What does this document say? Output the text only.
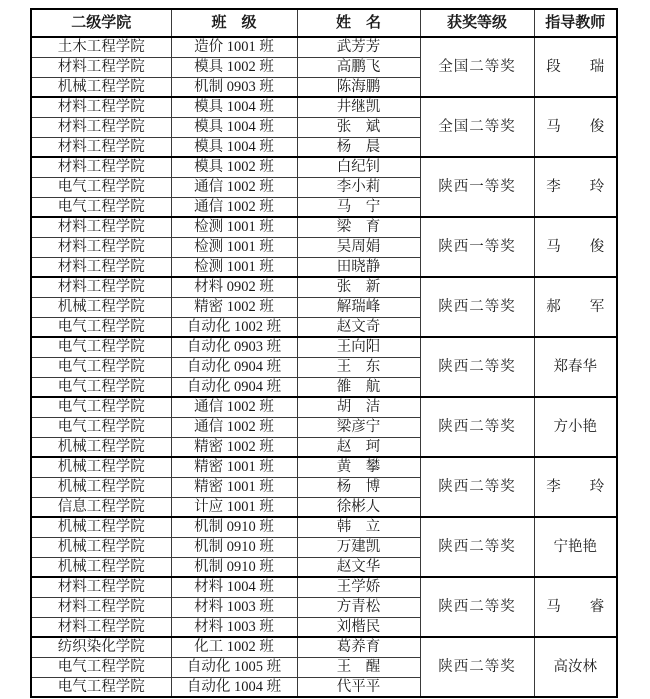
二级学院	班　级	姓　名	获奖等级	指导教师
土木工程学院	造价 1001 班	武芳芳	全国二等奖	段　　瑞
材料工程学院	模具 1002 班	高鹏飞		
机械工程学院	机制 0903 班	陈海鹏		
材料工程学院	模具 1004 班	井继凯	全国二等奖	马　　俊
材料工程学院	模具 1004 班	张　斌		
材料工程学院	模具 1004 班	杨　晨		
材料工程学院	模具 1002 班	白纪钊	陕西一等奖	李　　玲
电气工程学院	通信 1002 班	李小莉		
电气工程学院	通信 1002 班	马　宁		
材料工程学院	检测 1001 班	梁　育	陕西一等奖	马　　俊
材料工程学院	检测 1001 班	吴周娟		
材料工程学院	检测 1001 班	田晓静		
材料工程学院	材料 0902 班	张　新	陕西二等奖	郝　　军
机械工程学院	精密 1002 班	解瑞峰		
电气工程学院	自动化 1002 班	赵文奇		
电气工程学院	自动化 0903 班	王向阳	陕西二等奖	郑春华
电气工程学院	自动化 0904 班	王　东		
电气工程学院	自动化 0904 班	雒　航		
电气工程学院	通信 1002 班	胡　洁	陕西二等奖	方小艳
电气工程学院	通信 1002 班	梁彦宁		
机械工程学院	精密 1002 班	赵　珂		
机械工程学院	精密 1001 班	黄　攀	陕西二等奖	李　　玲
机械工程学院	精密 1001 班	杨　博		
信息工程学院	计应 1001 班	徐彬人		
机械工程学院	机制 0910 班	韩　立	陕西二等奖	宁艳艳
机械工程学院	机制 0910 班	万建凯		
机械工程学院	机制 0910 班	赵文华		
材料工程学院	材料 1004 班	王学娇	陕西二等奖	马　　睿
材料工程学院	材料 1003 班	方青松		
材料工程学院	材料 1003 班	刘楷民		
纺织染化学院	化工 1002 班	葛养育	陕西二等奖	高汝林
电气工程学院	自动化 1005 班	王　醒		
电气工程学院	自动化 1004 班	代平平		
